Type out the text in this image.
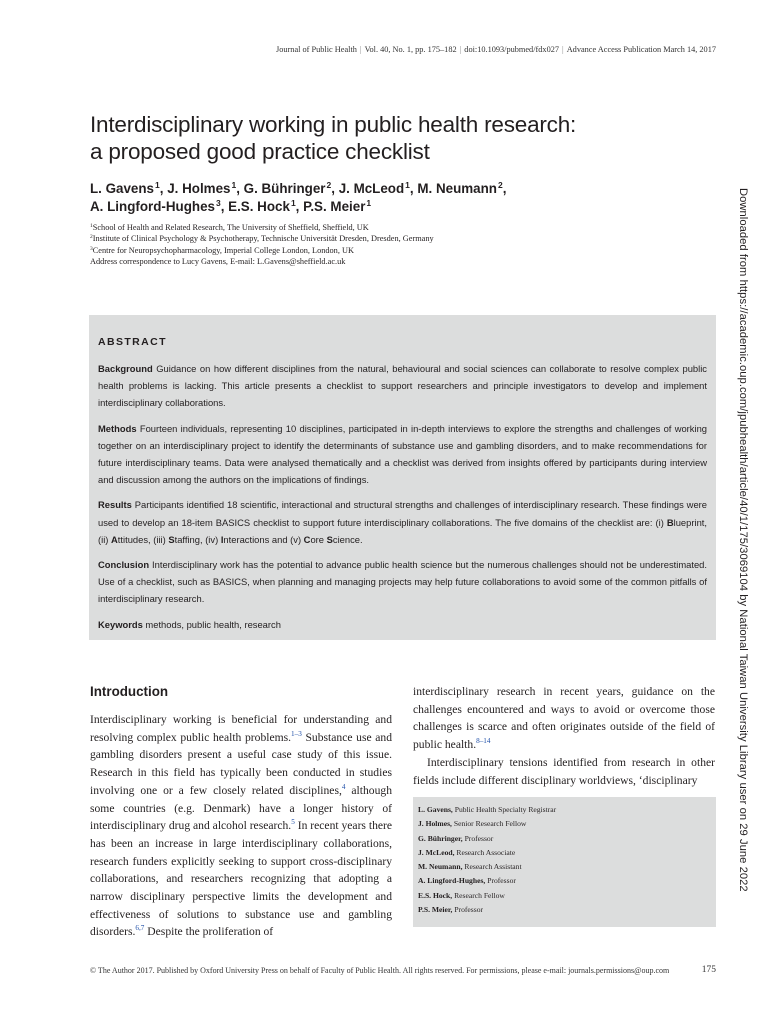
Journal of Public Health | Vol. 40, No. 1, pp. 175–182 | doi:10.1093/pubmed/fdx027 | Advance Access Publication March 14, 2017
Interdisciplinary working in public health research:
a proposed good practice checklist
L. Gavens$^1$, J. Holmes$^1$, G. Bühringer$^2$, J. McLeod$^1$, M. Neumann$^2$,
A. Lingford-Hughes$^3$, E.S. Hock$^1$, P.S. Meier$^1$
$^1$School of Health and Related Research, The University of Sheffield, Sheffield, UK
$^2$Institute of Clinical Psychology & Psychotherapy, Technische Universität Dresden, Dresden, Germany
$^3$Centre for Neuropsychopharmacology, Imperial College London, London, UK
Address correspondence to Lucy Gavens, E-mail: L.Gavens@sheffield.ac.uk	Downloaded from https://academic.oup.com/jpubhealth/article/40/1/175/3069104 by National Taiwan University Library user on 29 June 2022
ABSTRACT

Background Guidance on how different disciplines from the natural, behavioural and social sciences can collaborate to resolve complex public health problems is lacking. This article presents a checklist to support researchers and principle investigators to develop and implement interdisciplinary collaborations.

Methods Fourteen individuals, representing 10 disciplines, participated in in-depth interviews to explore the strengths and challenges of working together on an interdisciplinary project to identify the determinants of substance use and gambling disorders, and to make recommendations for future interdisciplinary teams. Data were analysed thematically and a checklist was derived from insights offered by participants during interview and discussion among the authors on the implications of findings.

Results Participants identified 18 scientific, interactional and structural strengths and challenges of interdisciplinary research. These findings were used to develop an 18-item BASICS checklist to support future interdisciplinary collaborations. The five domains of the checklist are: (i) Blueprint, (ii) Attitudes, (iii) Staffing, (iv) Interactions and (v) Core Science.

Conclusion Interdisciplinary work has the potential to advance public health science but the numerous challenges should not be underestimated. Use of a checklist, such as BASICS, when planning and managing projects may help future collaborations to avoid some of the common pitfalls of interdisciplinary research.

Keywords methods, public health, research

Introduction

Interdisciplinary working is beneficial for understanding and resolving complex public health problems.$^{1-3}$ Substance use and gambling disorders present a useful case study of this issue. Research in this field has typically been conducted in studies involving one or a few closely related disciplines,$^4$ although some countries (e.g. Denmark) have a longer history of interdisciplinary drug and alcohol research.$^5$ In recent years there has been an increase in large interdisciplinary collaborations, research funders explicitly seeking to support cross-disciplinary collaborations, and researchers recognizing that adopting a narrow disciplinary perspective limits the development and effectiveness of solutions to substance use and gambling disorders.$^{6,7}$ Despite the proliferation of

interdisciplinary research in recent years, guidance on the challenges encountered and ways to avoid or overcome those challenges is scarce and often originates outside of the field of public health.$^{8-14}$

Interdisciplinary tensions identified from research in other fields include different disciplinary worldviews, ‘disciplinary

L. Gavens, Public Health Specialty Registrar
J. Holmes, Senior Research Fellow
G. Bühringer, Professor
J. McLeod, Research Associate
M. Neumann, Research Assistant
A. Lingford-Hughes, Professor
E.S. Hock, Research Fellow
P.S. Meier, Professor
© The Author 2017. Published by Oxford University Press on behalf of Faculty of Public Health. All rights reserved. For permissions, please e-mail: journals.permissions@oup.com	175
